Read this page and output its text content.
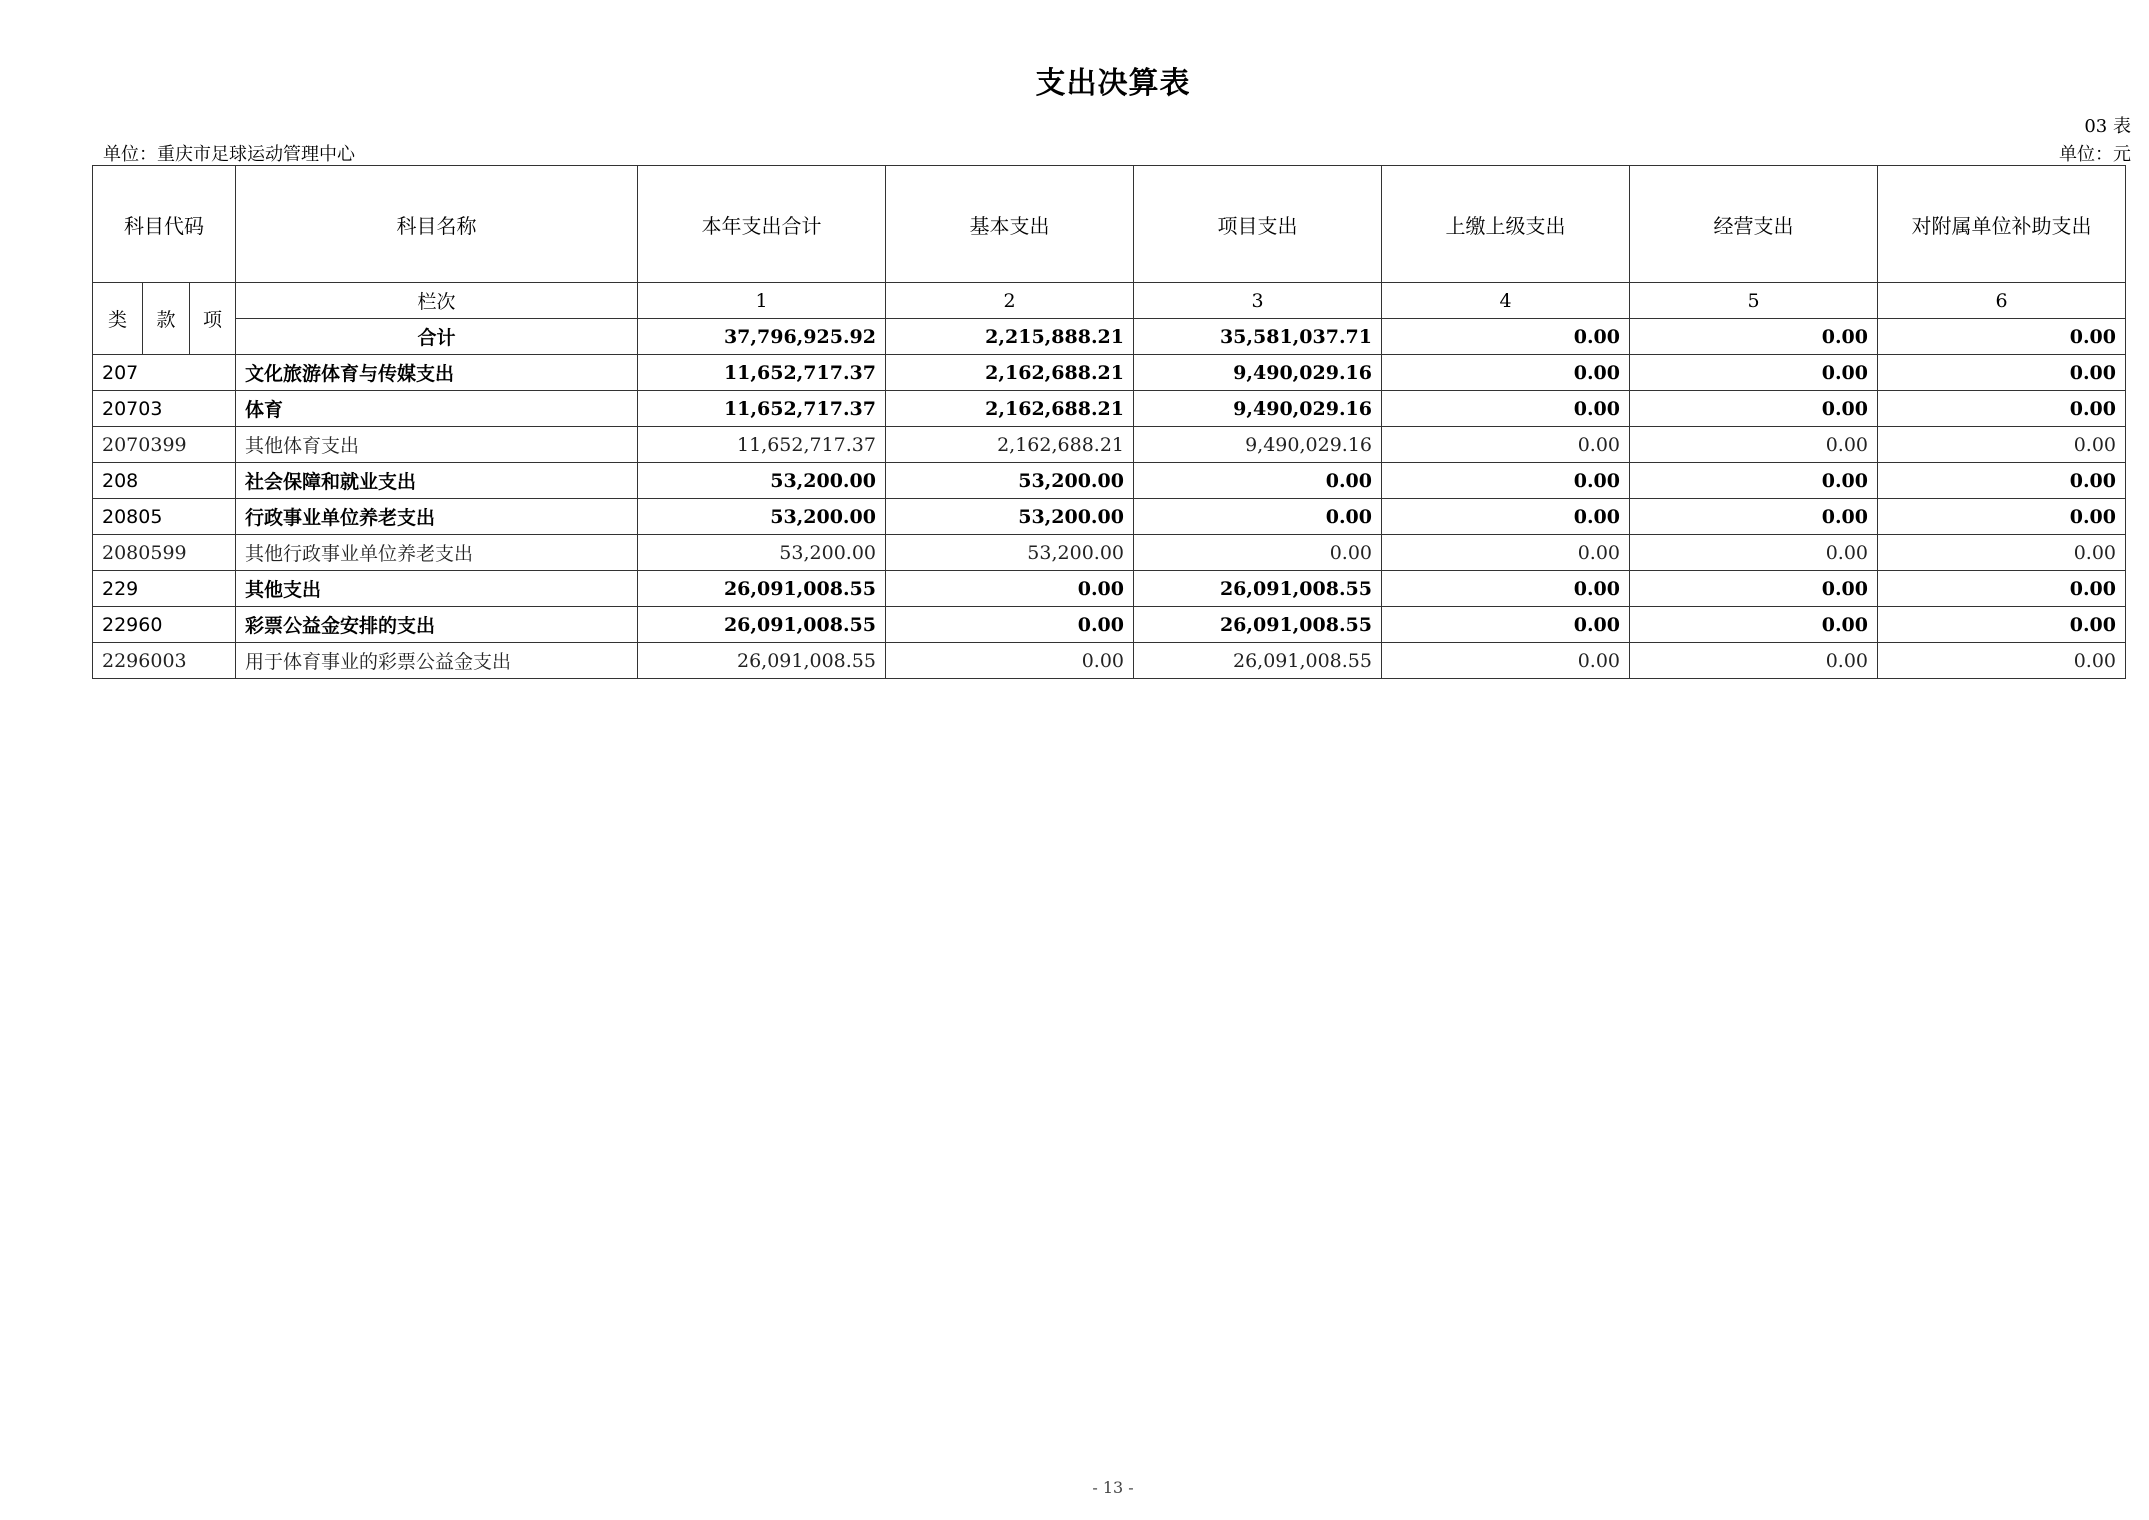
支出决算表
03 表
单位：重庆市足球运动管理中心	单位：元
科目代码			科目名称	本年支出合计	基本支出	项目支出	上缴上级支出	经营支出	对附属单位补助支出
类	款	项	栏次	1	2	3	4	5	6
			合计	37,796,925.92	2,215,888.21	35,581,037.71	0.00	0.00	0.00
207			文化旅游体育与传媒支出	11,652,717.37	2,162,688.21	9,490,029.16	0.00	0.00	0.00
20703			体育	11,652,717.37	2,162,688.21	9,490,029.16	0.00	0.00	0.00
2070399			其他体育支出	11,652,717.37	2,162,688.21	9,490,029.16	0.00	0.00	0.00
208			社会保障和就业支出	53,200.00	53,200.00	0.00	0.00	0.00	0.00
20805			行政事业单位养老支出	53,200.00	53,200.00	0.00	0.00	0.00	0.00
2080599			其他行政事业单位养老支出	53,200.00	53,200.00	0.00	0.00	0.00	0.00
229			其他支出	26,091,008.55	0.00	26,091,008.55	0.00	0.00	0.00
22960			彩票公益金安排的支出	26,091,008.55	0.00	26,091,008.55	0.00	0.00	0.00
2296003			用于体育事业的彩票公益金支出	26,091,008.55	0.00	26,091,008.55	0.00	0.00	0.00
- 13 -
